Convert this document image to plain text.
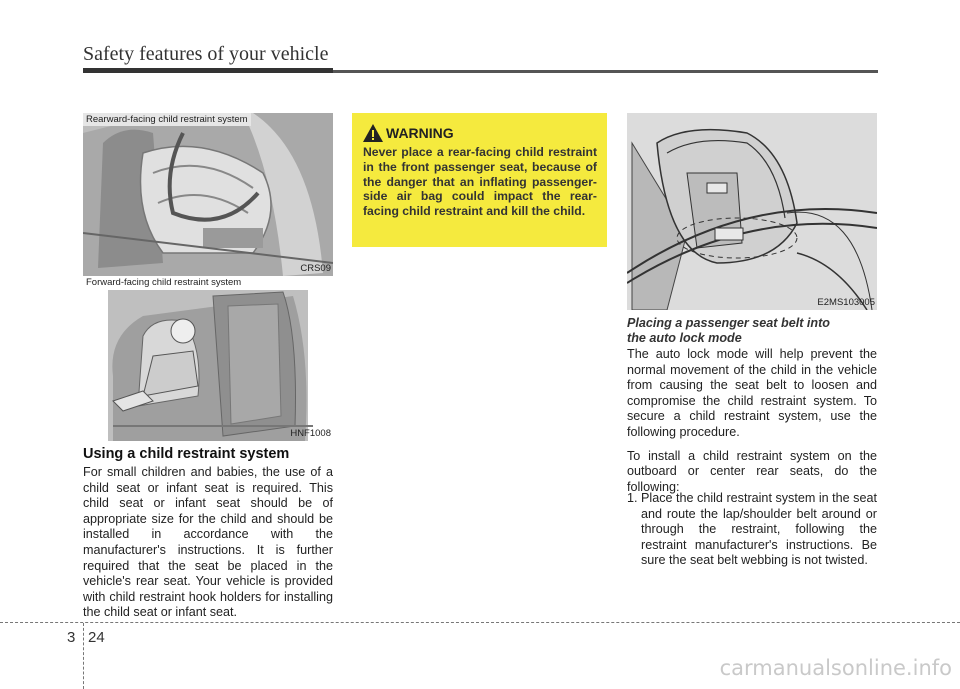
Safety features of your vehicle
Rearward-facing child restraint system
CRS09
Forward-facing child restraint system
HNF1008
Using a child restraint system

For small children and babies, the use of a child seat or infant seat is required. This child seat or infant seat should be of appropriate size for the child and should be installed in accordance with the manufacturer's instructions. It is further required that the seat be placed in the vehicle's rear seat. Your vehicle is provided with child restraint hook holders for installing the child seat or infant seat.

WARNING
Never place a rear-facing child restraint in the front passenger seat, because of the danger that an inflating passenger-side air bag could impact the rear-facing child restraint and kill the child.
E2MS103005
Placing a passenger seat belt into
the auto lock mode

The auto lock mode will help prevent the normal movement of the child in the vehicle from causing the seat belt to loosen and compromise the child restraint system. To secure a child restraint system, use the following procedure.

To install a child restraint system on the outboard or center rear seats, do the following:

1. Place the child restraint system in the seat and route the lap/shoulder belt around or through the restraint, following the restraint manufacturer's instructions. Be sure the seat belt webbing is not twisted.
3 24
carmanualsonline.info
